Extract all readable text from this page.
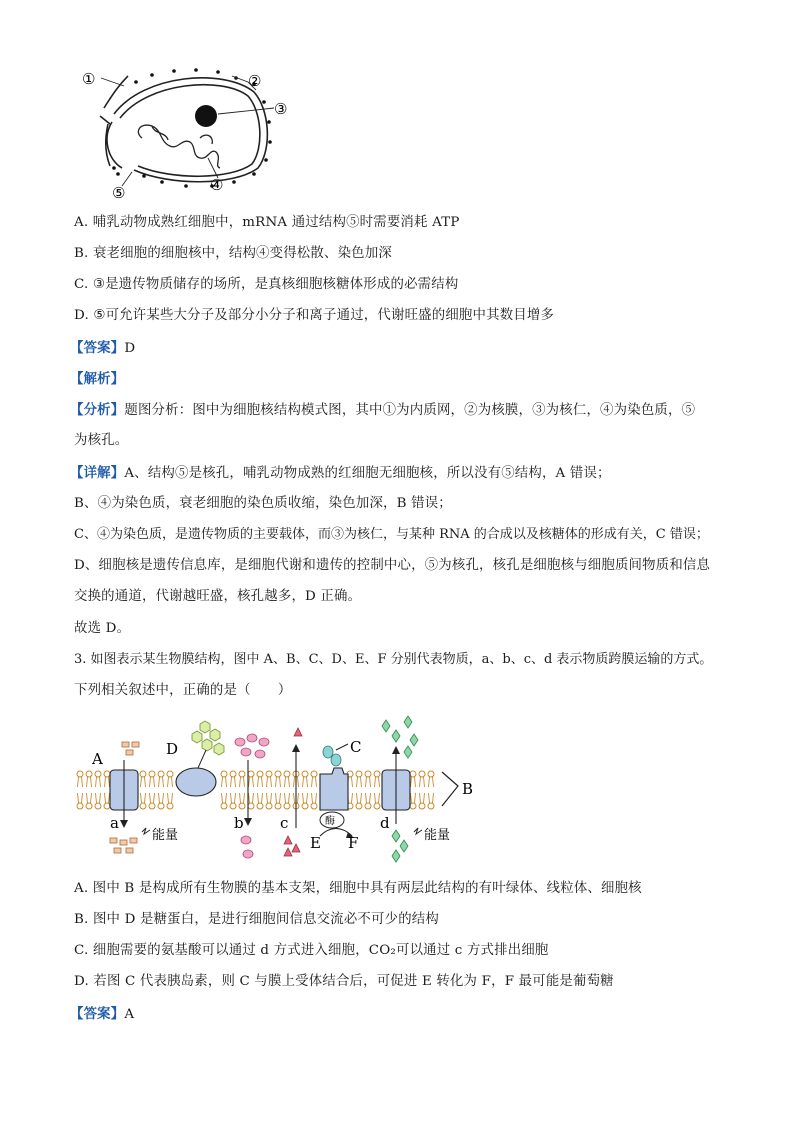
①	②
③
④
⑤
A. 哺乳动物成熟红细胞中，mRNA 通过结构⑤时需要消耗 ATP
B. 衰老细胞的细胞核中，结构④变得松散、染色加深
C. ③是遗传物质储存的场所，是真核细胞核糖体形成的必需结构
D. ⑤可允许某些大分子及部分小分子和离子通过，代谢旺盛的细胞中其数目增多
【答案】D
【解析】
【分析】题图分析：图中为细胞核结构模式图，其中①为内质网，②为核膜，③为核仁，④为染色质，⑤
为核孔。
【详解】A、结构⑤是核孔，哺乳动物成熟的红细胞无细胞核，所以没有⑤结构，A 错误；
B、④为染色质，衰老细胞的染色质收缩，染色加深，B 错误；
C、④为染色质，是遗传物质的主要载体，而③为核仁，与某种 RNA 的合成以及核糖体的形成有关，C 错误；
D、细胞核是遗传信息库，是细胞代谢和遗传的控制中心，⑤为核孔，核孔是细胞核与细胞质间物质和信息
交换的通道，代谢越旺盛，核孔越多，D 正确。
故选 D。
3. 如图表示某生物膜结构，图中 A、B、C、D、E、F 分别代表物质，a、b、c、d 表示物质跨膜运输的方式。
下列相关叙述中，正确的是（　　）
B
A
a
能量
D
b c
C
酶
E F
d
能量
A. 图中 B 是构成所有生物膜的基本支架，细胞中具有两层此结构的有叶绿体、线粒体、细胞核
B. 图中 D 是糖蛋白，是进行细胞间信息交流必不可少的结构
C. 细胞需要的氨基酸可以通过 d 方式进入细胞，CO₂可以通过 c 方式排出细胞
D. 若图 C 代表胰岛素，则 C 与膜上受体结合后，可促进 E 转化为 F，F 最可能是葡萄糖
【答案】A
